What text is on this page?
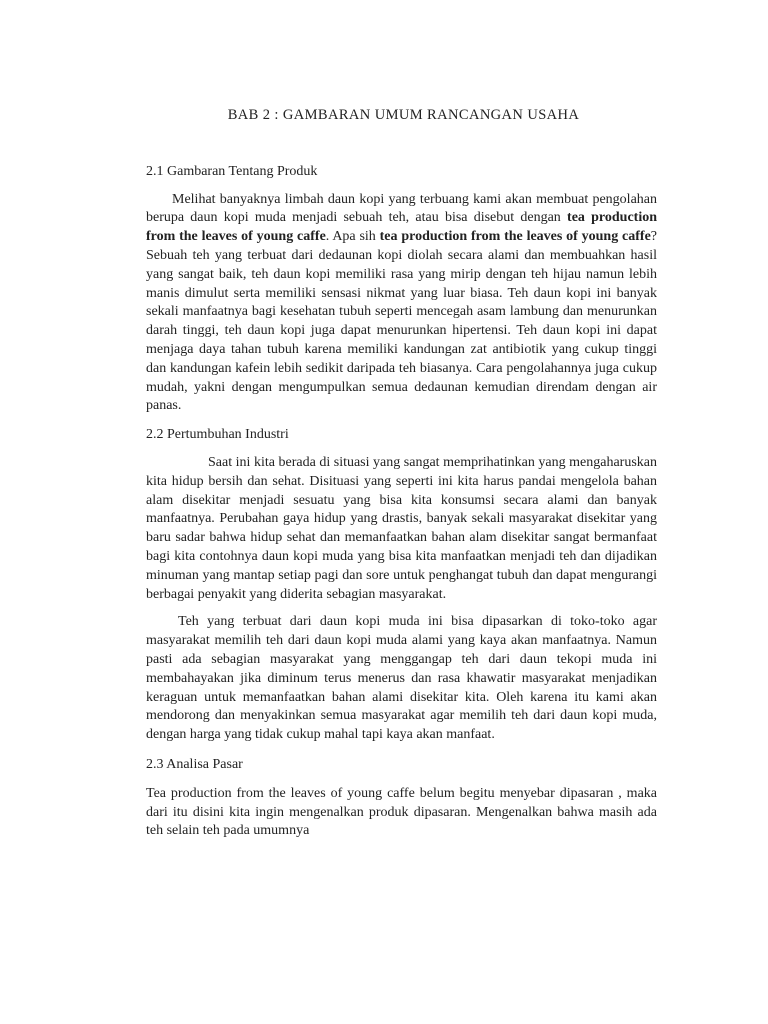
BAB 2 : GAMBARAN UMUM RANCANGAN USAHA
2.1 Gambaran Tentang Produk

Melihat banyaknya limbah daun kopi yang terbuang kami akan membuat pengolahan berupa daun kopi muda menjadi sebuah teh, atau bisa disebut dengan tea production from the leaves of young caffe. Apa sih tea production from the leaves of young caffe? Sebuah teh yang terbuat dari dedaunan kopi diolah secara alami dan membuahkan hasil yang sangat baik, teh daun kopi memiliki rasa yang mirip dengan teh hijau namun lebih manis dimulut serta memiliki sensasi nikmat yang luar biasa. Teh daun kopi ini banyak sekali manfaatnya bagi kesehatan tubuh seperti mencegah asam lambung dan menurunkan darah tinggi, teh daun kopi juga dapat menurunkan hipertensi. Teh daun kopi ini dapat menjaga daya tahan tubuh karena memiliki kandungan zat antibiotik yang cukup tinggi dan kandungan kafein lebih sedikit daripada teh biasanya. Cara pengolahannya juga cukup mudah, yakni dengan mengumpulkan semua dedaunan kemudian direndam dengan air panas.

2.2 Pertumbuhan Industri

Saat ini kita berada di situasi yang sangat memprihatinkan yang mengaharuskan kita hidup bersih dan sehat. Disituasi yang seperti ini kita harus pandai mengelola bahan alam disekitar menjadi sesuatu yang bisa kita konsumsi secara alami dan banyak manfaatnya. Perubahan gaya hidup yang drastis, banyak sekali masyarakat disekitar yang baru sadar bahwa hidup sehat dan memanfaatkan bahan alam disekitar sangat bermanfaat bagi kita contohnya daun kopi muda yang bisa kita manfaatkan menjadi teh dan dijadikan minuman yang mantap setiap pagi dan sore untuk penghangat tubuh dan dapat mengurangi berbagai penyakit yang diderita sebagian masyarakat.

Teh yang terbuat dari daun kopi muda ini bisa dipasarkan di toko-toko agar masyarakat memilih teh dari daun kopi muda alami yang kaya akan manfaatnya. Namun pasti ada sebagian masyarakat yang menggangap teh dari daun tekopi muda ini membahayakan jika diminum terus menerus dan rasa khawatir masyarakat menjadikan keraguan untuk memanfaatkan bahan alami disekitar kita. Oleh karena itu kami akan mendorong dan menyakinkan semua masyarakat agar memilih teh dari daun kopi muda, dengan harga yang tidak cukup mahal tapi kaya akan manfaat.

2.3 Analisa Pasar

Tea production from the leaves of young caffe belum begitu menyebar dipasaran , maka dari itu disini kita ingin mengenalkan produk dipasaran. Mengenalkan bahwa masih ada teh selain teh pada umumnya
